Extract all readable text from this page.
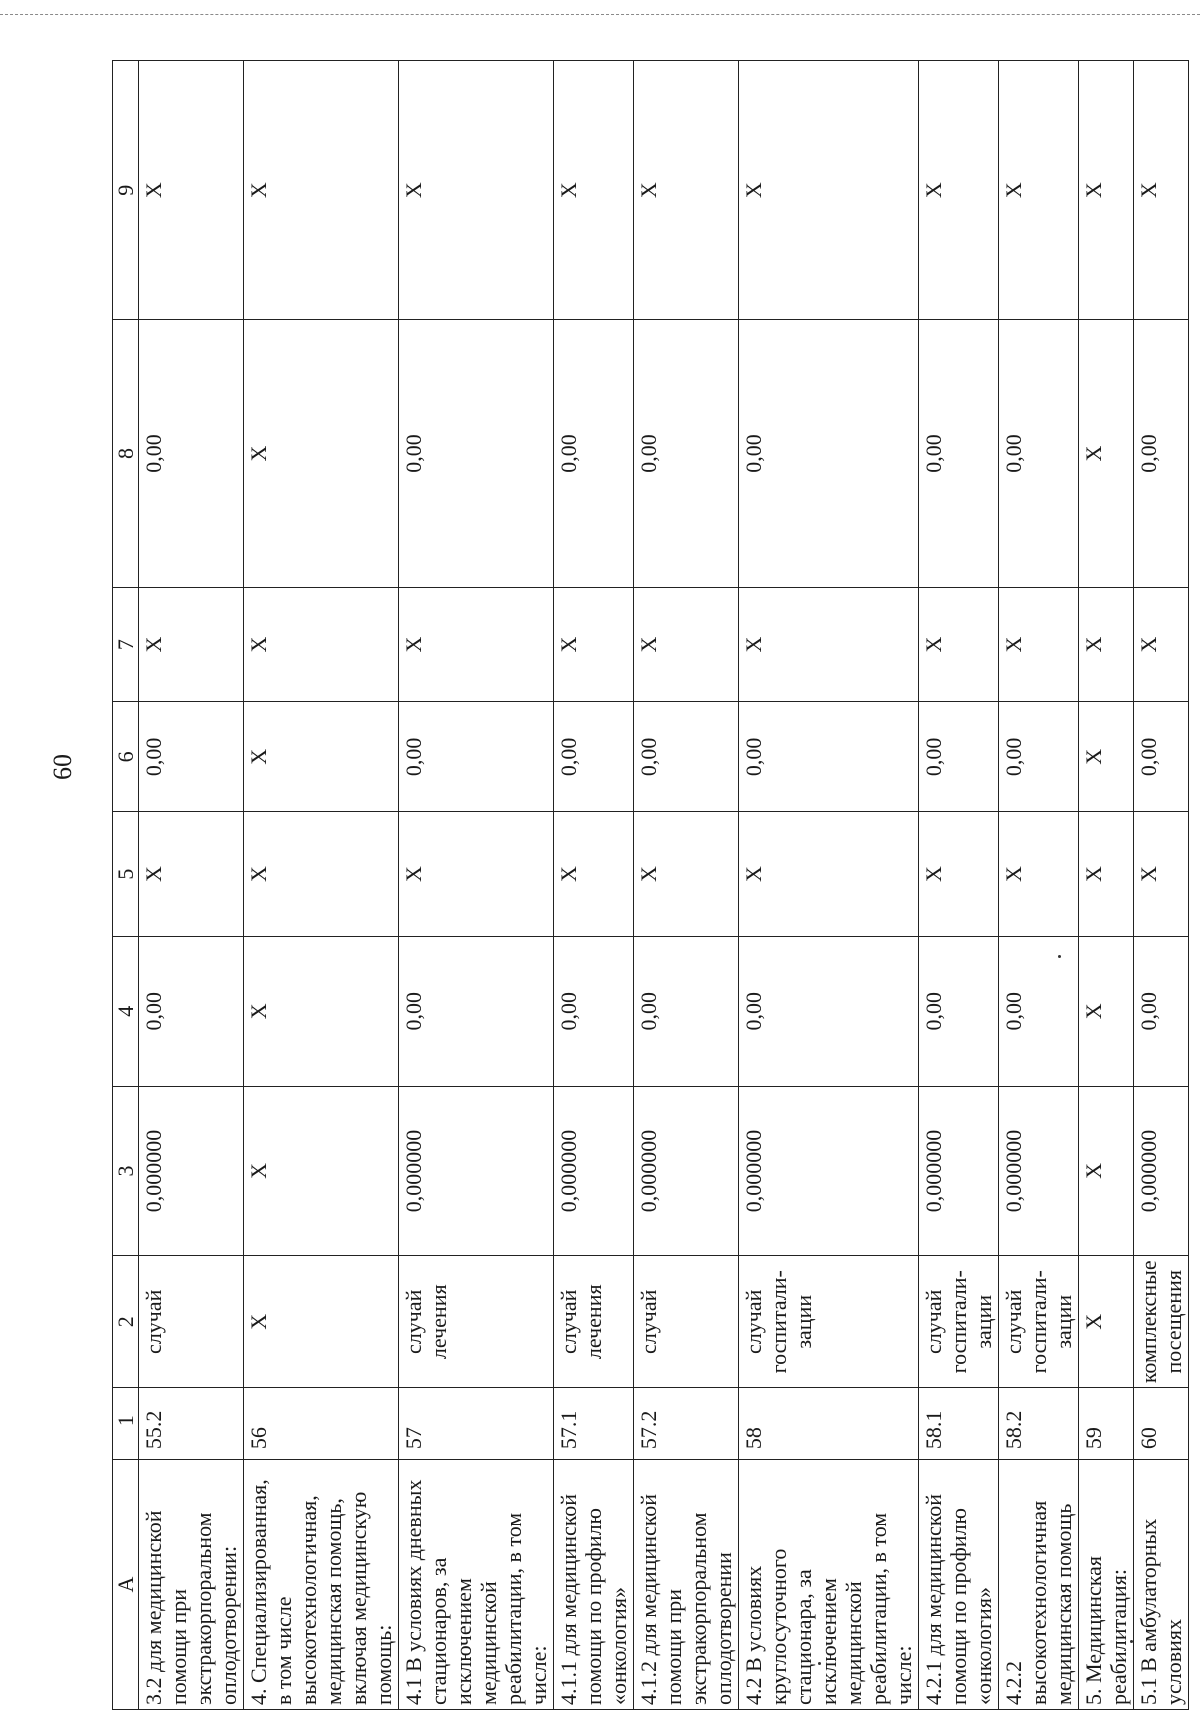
60
А	1	2	3	4	5	6	7	8	9
3.2 для медицинской помощи при экстракорпоральном оплодотворении:	55.2	случай	0,000000	0,00	X	0,00	X	0,00	X
4. Специализированная, в том числе высокотехнологичная, медицинская помощь, включая медицинскую помощь:	56	X	X	X	X	X	X	X	X
4.1 В условиях дневных стационаров, за исключением медицинской реабилитации, в том числе:	57	случай лечения	0,000000	0,00	X	0,00	X	0,00	X
4.1.1 для медицинской помощи по профилю «онкология»	57.1	случай лечения	0,000000	0,00	X	0,00	X	0,00	X
4.1.2 для медицинской помощи при экстракорпоральном оплодотворении	57.2	случай	0,000000	0,00	X	0,00	X	0,00	X
4.2 В условиях круглосуточного стационара, за исключением медицинской реабилитации, в том числе:	58	случай госпитали-зации	0,000000	0,00	X	0,00	X	0,00	X
4.2.1 для медицинской помощи по профилю «онкология»	58.1	случай госпитали-зации	0,000000	0,00	X	0,00	X	0,00	X
4.2.2 высокотехнологичная медицинская помощь	58.2	случай госпитали-зации	0,000000	0,00	X	0,00	X	0,00	X
5. Медицинская реабилитация:	59	X	X	X	X	X	X	X	X
5.1 В амбулаторных условиях	60	комплексные посещения	0,000000	0,00	X	0,00	X	0,00	X
